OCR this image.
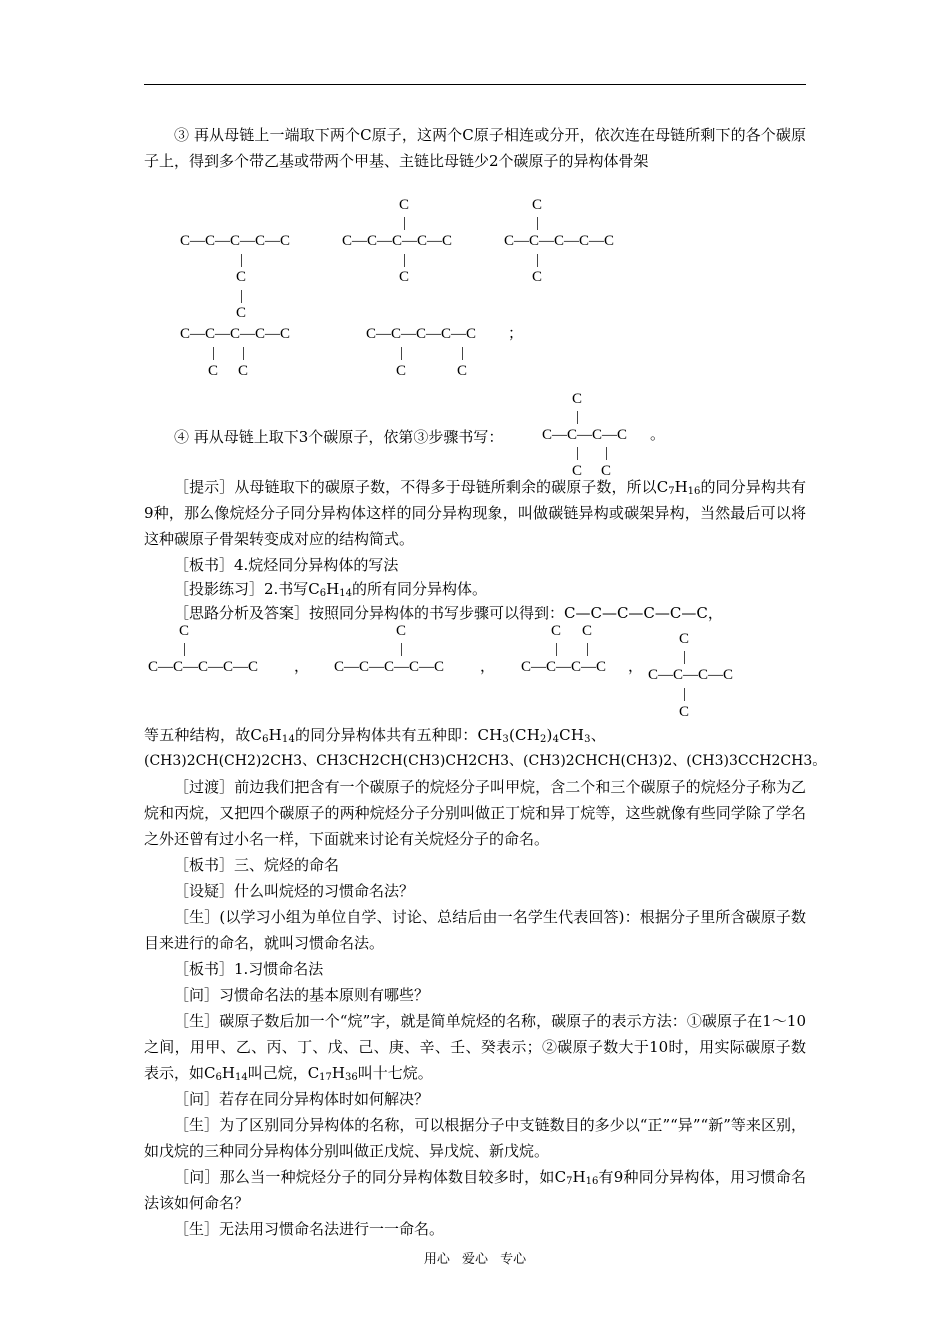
③ 再从母链上一端取下两个C原子，这两个C原子相连或分开，依次连在母链所剩下的各个碳原子上，得到多个带乙基或带两个甲基、主链比母链少2个碳原子的异构体骨架

C—C—C—C—C
|
C
|
C
C
|
C—C—C—C—C
|
C
C
|
C—C—C—C—C
|
C
C—C—C—C—C
| |
C C
C—C—C—C—C ；
|	|
C	C

④ 再从母链上取下3个碳原子，依第③步骤书写：

C
|
C—C—C—C 。
| |
C C

［提示］从母链取下的碳原子数，不得多于母链所剩余的碳原子数，所以$C_7H_{16}$的同分异构共有9种，那么像烷烃分子同分异构体这样的同分异构现象，叫做碳链异构或碳架异构，当然最后可以将这种碳原子骨架转变成对应的结构简式。

［板书］4.烷烃同分异构体的写法

［投影练习］2.书写$C_6H_{14}$的所有同分异构体。

［思路分析及答案］按照同分异构体的书写步骤可以得到：C—C—C—C—C—C，

C
|
C—C—C—C—C ，
C
|
C—C—C—C—C ，
C C
| |
C—C—C—C ，
C
|
C—C—C—C
|
C

等五种结构，故$C_6H_{14}$的同分异构体共有五种即：$CH_3(CH_2)_4CH_3$、

(CH3)2CH(CH2)2CH3、CH3CH2CH(CH3)CH2CH3、(CH3)2CHCH(CH3)2、(CH3)3CCH2CH3。

［过渡］前边我们把含有一个碳原子的烷烃分子叫甲烷，含二个和三个碳原子的烷烃分子称为乙烷和丙烷，又把四个碳原子的两种烷烃分子分别叫做正丁烷和异丁烷等，这些就像有些同学除了学名之外还曾有过小名一样，下面就来讨论有关烷烃分子的命名。

［板书］三、烷烃的命名

［设疑］什么叫烷烃的习惯命名法？

［生］(以学习小组为单位自学、讨论、总结后由一名学生代表回答)：根据分子里所含碳原子数目来进行的命名，就叫习惯命名法。

［板书］1.习惯命名法

［问］习惯命名法的基本原则有哪些？

［生］碳原子数后加一个“烷”字，就是简单烷烃的名称，碳原子的表示方法：①碳原子在1～10之间，用甲、乙、丙、丁、戊、己、庚、辛、壬、癸表示；②碳原子数大于10时，用实际碳原子数表示，如$C_6H_{14}$叫己烷，$C_{17}H_{36}$叫十七烷。

［问］若存在同分异构体时如何解决？

［生］为了区别同分异构体的名称，可以根据分子中支链数目的多少以“正”“异”“新”等来区别，如戊烷的三种同分异构体分别叫做正戊烷、异戊烷、新戊烷。

［问］那么当一种烷烃分子的同分异构体数目较多时，如$C_7H_{16}$有9种同分异构体，用习惯命名法该如何命名？

［生］无法用习惯命名法进行一一命名。

用心 爱心 专心
